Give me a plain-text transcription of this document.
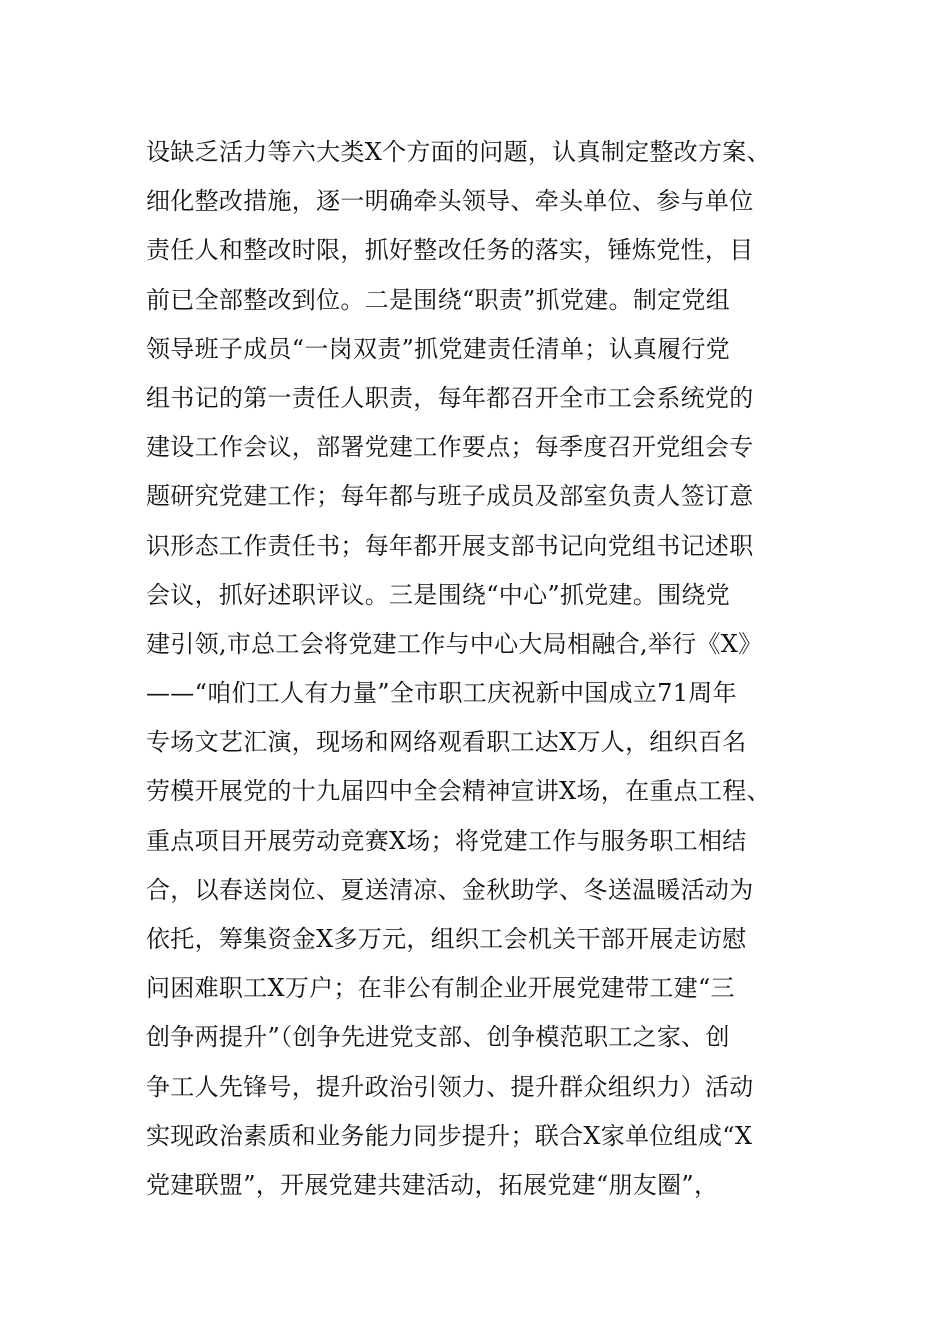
设缺乏活力等六大类X个方面的问题，认真制定整改方案、
细化整改措施，逐一明确牵头领导、牵头单位、参与单位
责任人和整改时限，抓好整改任务的落实，锤炼党性，目
前已全部整改到位。二是围绕“职责”抓党建。制定党组
领导班子成员“一岗双责”抓党建责任清单；认真履行党
组书记的第一责任人职责，每年都召开全市工会系统党的
建设工作会议，部署党建工作要点；每季度召开党组会专
题研究党建工作；每年都与班子成员及部室负责人签订意
识形态工作责任书；每年都开展支部书记向党组书记述职
会议，抓好述职评议。三是围绕“中心”抓党建。围绕党
建引领,市总工会将党建工作与中心大局相融合,举行《X》
——“咱们工人有力量”全市职工庆祝新中国成立71周年
专场文艺汇演，现场和网络观看职工达X万人，组织百名
劳模开展党的十九届四中全会精神宣讲X场，在重点工程、
重点项目开展劳动竞赛X场；将党建工作与服务职工相结
合，以春送岗位、夏送清凉、金秋助学、冬送温暖活动为
依托，筹集资金X多万元，组织工会机关干部开展走访慰
问困难职工X万户；在非公有制企业开展党建带工建“三
创争两提升”（创争先进党支部、创争模范职工之家、创
争工人先锋号，提升政治引领力、提升群众组织力）活动
实现政治素质和业务能力同步提升；联合X家单位组成“X
党建联盟”，开展党建共建活动，拓展党建“朋友圈”，
